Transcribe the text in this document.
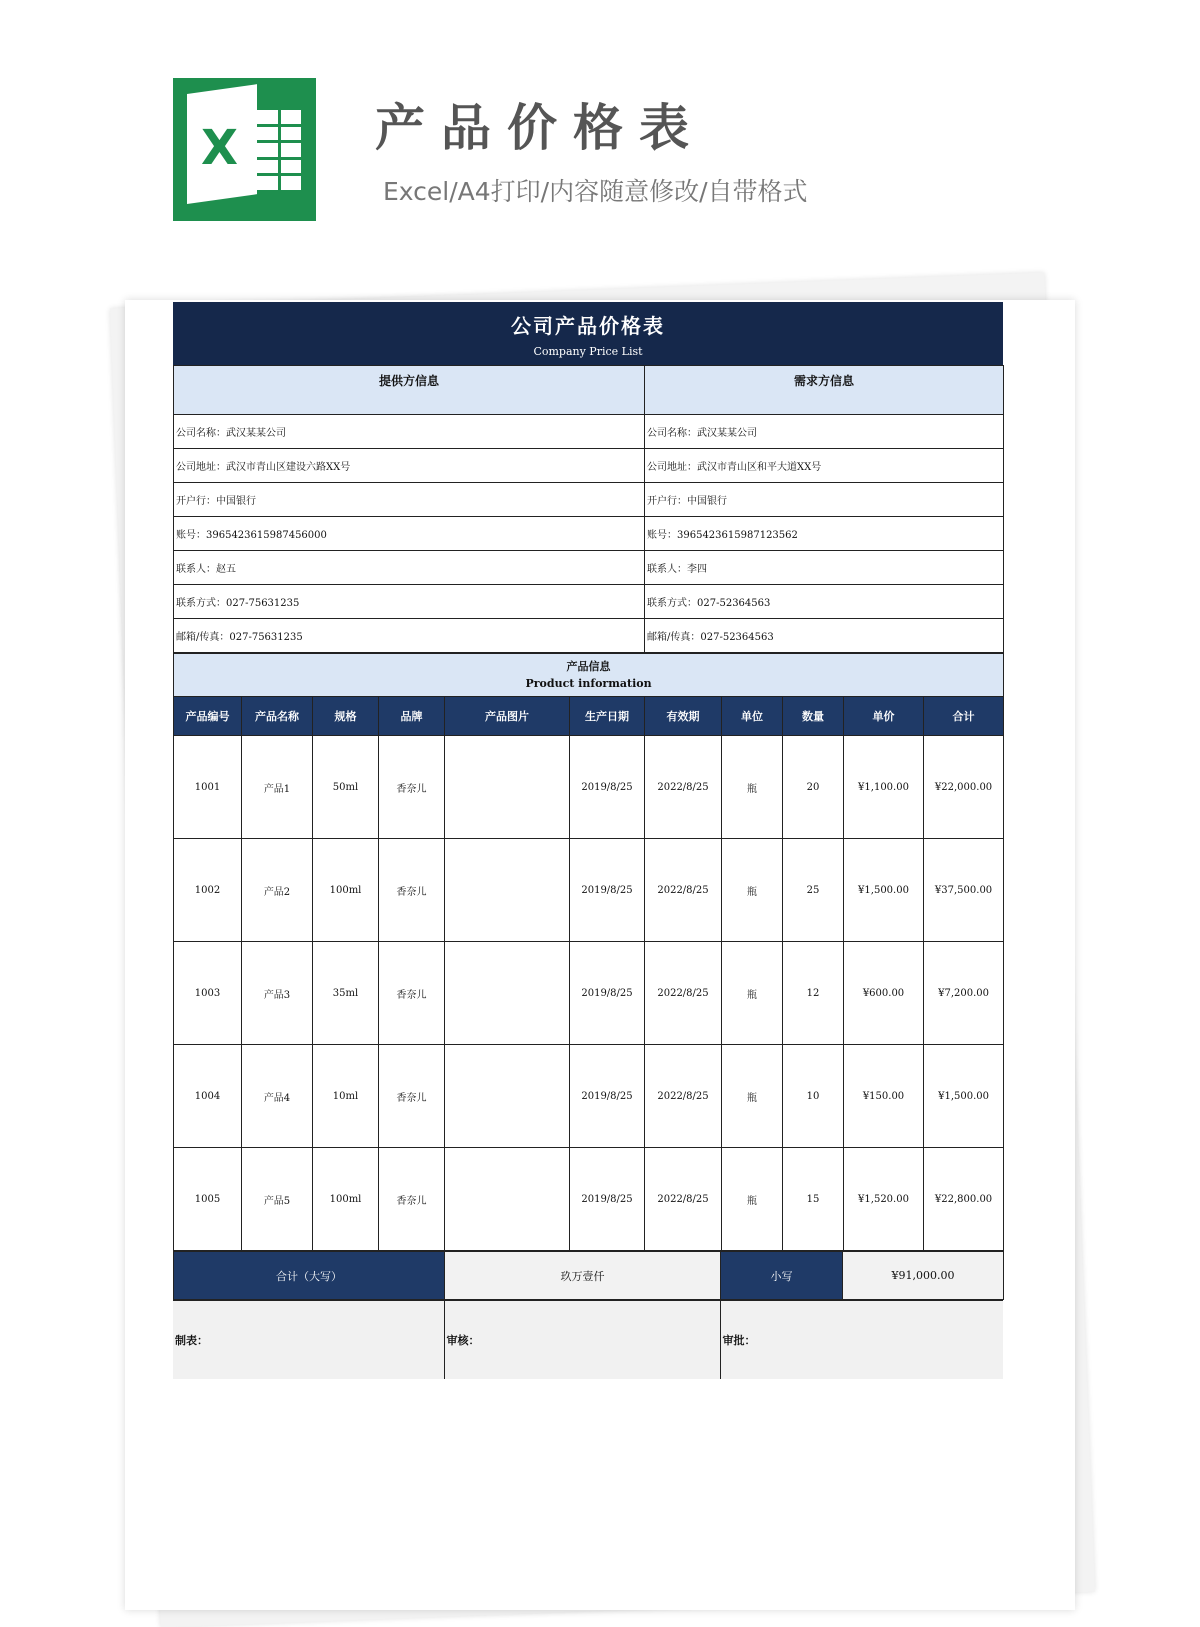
X	产品价格表
Excel/A4打印/内容随意修改/自带格式
公司产品价格表
Company Price List
提供方信息	需求方信息
公司名称：武汉某某公司	公司名称：武汉某某公司
公司地址：武汉市青山区建设六路XX号	公司地址：武汉市青山区和平大道XX号
开户行：中国银行	开户行：中国银行
账号：3965423615987456000	账号：3965423615987123562
联系人：赵五	联系人：李四
联系方式：027-75631235	联系方式：027-52364563
邮箱/传真：027-75631235	邮箱/传真：027-52364563
产品信息
Product information										

产品编号	产品名称	规格	品牌	产品图片	生产日期	有效期	单位	数量	单价	合计
1001	产品1	50ml	香奈儿		2019/8/25	2022/8/25	瓶	20	¥1,100.00	¥22,000.00
1002	产品2	100ml	香奈儿		2019/8/25	2022/8/25	瓶	25	¥1,500.00	¥37,500.00
1003	产品3	35ml	香奈儿		2019/8/25	2022/8/25	瓶	12	¥600.00	¥7,200.00
1004	产品4	10ml	香奈儿		2019/8/25	2022/8/25	瓶	10	¥150.00	¥1,500.00
1005	产品5	100ml	香奈儿		2019/8/25	2022/8/25	瓶	15	¥1,520.00	¥22,800.00
合计（大写）	玖万壹仟	小写	¥91,000.00
制表：	审核：	审批：
